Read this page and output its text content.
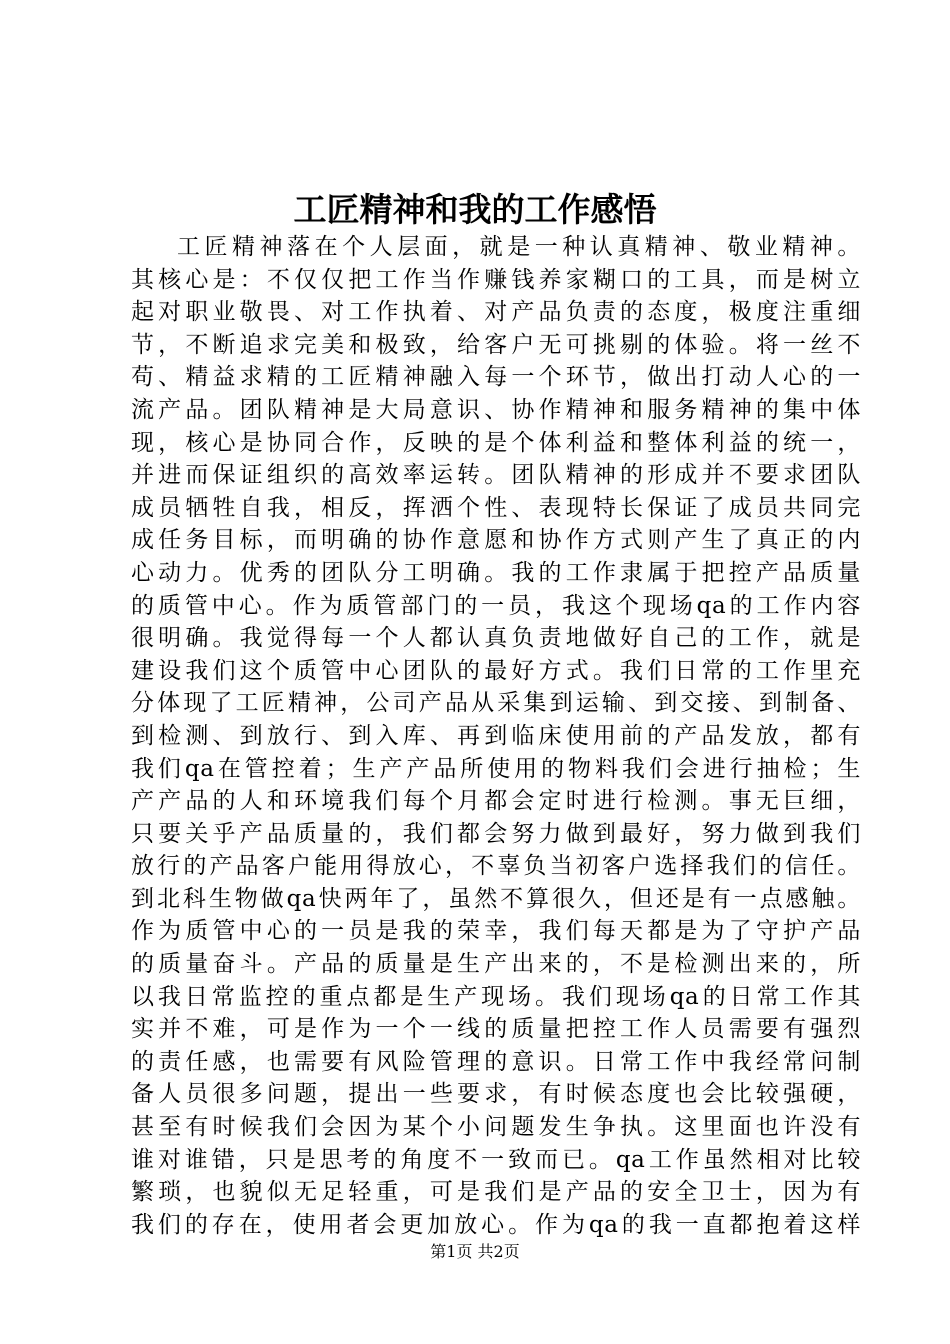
工匠精神和我的工作感悟
工匠精神落在个人层面，就是一种认真精神、敬业精神。
其核心是：不仅仅把工作当作赚钱养家糊口的工具，而是树立
起对职业敬畏、对工作执着、对产品负责的态度，极度注重细
节，不断追求完美和极致，给客户无可挑剔的体验。将一丝不
苟、精益求精的工匠精神融入每一个环节，做出打动人心的一
流产品。团队精神是大局意识、协作精神和服务精神的集中体
现，核心是协同合作，反映的是个体利益和整体利益的统一，
并进而保证组织的高效率运转。团队精神的形成并不要求团队
成员牺牲自我，相反，挥洒个性、表现特长保证了成员共同完
成任务目标，而明确的协作意愿和协作方式则产生了真正的内
心动力。优秀的团队分工明确。我的工作隶属于把控产品质量
的质管中心。作为质管部门的一员，我这个现场qa的工作内容
很明确。我觉得每一个人都认真负责地做好自己的工作，就是
建设我们这个质管中心团队的最好方式。我们日常的工作里充
分体现了工匠精神，公司产品从采集到运输、到交接、到制备、
到检测、到放行、到入库、再到临床使用前的产品发放，都有
我们qa在管控着；生产产品所使用的物料我们会进行抽检；生
产产品的人和环境我们每个月都会定时进行检测。事无巨细，
只要关乎产品质量的，我们都会努力做到最好，努力做到我们
放行的产品客户能用得放心，不辜负当初客户选择我们的信任。
到北科生物做qa快两年了，虽然不算很久，但还是有一点感触。
作为质管中心的一员是我的荣幸，我们每天都是为了守护产品
的质量奋斗。产品的质量是生产出来的，不是检测出来的，所
以我日常监控的重点都是生产现场。我们现场qa的日常工作其
实并不难，可是作为一个一线的质量把控工作人员需要有强烈
的责任感，也需要有风险管理的意识。日常工作中我经常问制
备人员很多问题，提出一些要求，有时候态度也会比较强硬，
甚至有时候我们会因为某个小问题发生争执。这里面也许没有
谁对谁错，只是思考的角度不一致而已。qa工作虽然相对比较
繁琐，也貌似无足轻重，可是我们是产品的安全卫士，因为有
我们的存在，使用者会更加放心。作为qa的我一直都抱着这样
第1页 共2页
